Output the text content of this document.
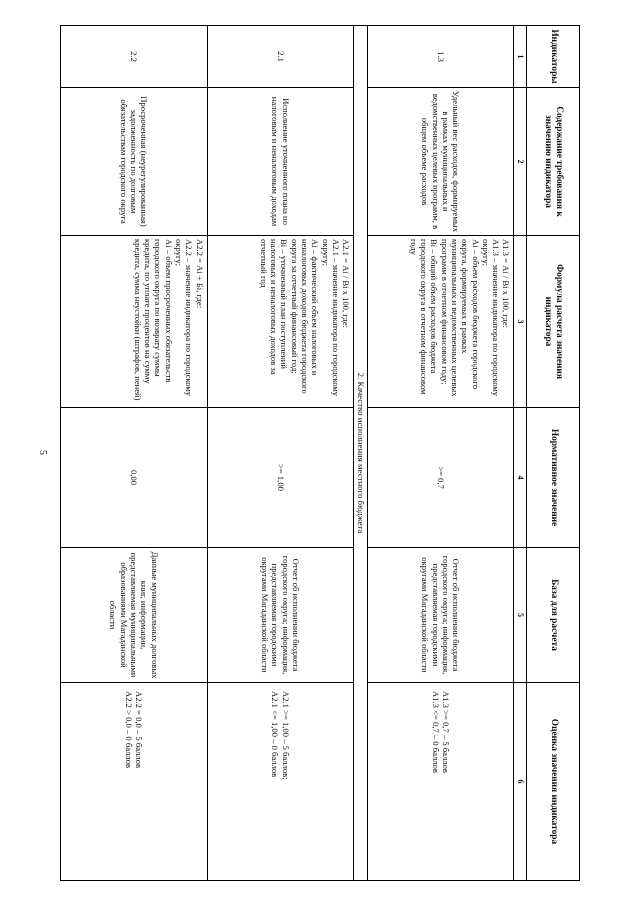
5
Индикаторы	Содержание требования к значению индикатора	Формула расчета значения индикатора	Нормативное значение	База для расчета	Оценка значения индикатора
1	2	3	4	5	6
1.3	Удельный вес расходов, формируемых в рамках муниципальных и ведомственных целевых программ, в общем объеме расходов	А1.3 = Аi / Вi х 100, где:
А1.3 – значение индикатора по городскому округу;
Аi – объем расходов бюджета городского округа, формируемых в рамках муниципальных и ведомственных целевых программ в отчетном финансовом году;
Вi – общий объем расходов бюджета городского округа в отчетном финансовом году	>= 0,7	Отчет об исполнении бюджета городского округа; информация, представляемая городскими округами Магаданской области	А1.3 >= 0,7 – 5 баллов
А1.3 <= 0,7 – 0 баллов

2. Качество исполнения местного бюджета					
2.1	Исполнение уточненного плана по налоговым и неналоговым доходам	А2.1 = Аi / Вi х 100, где:
А2.1 – значение индикатора по городскому округу;
Аi – фактический объем налоговых и неналоговых доходов бюджета городского округа за отчетный финансовый год;
Вi – уточненный план поступлений налоговых и неналоговых доходов за отчетный год	>= 1,00	Отчет об исполнении бюджета городского округа; информация, представляемая городскими округами Магаданской области	А2.1 >= 1,00 – 5 баллов;
А2.1 <= 1,00 – 0 баллов

2.2	Просроченная (неурегулированная) задолженность по долговым обязательствам городского округа	А2.2 = Аi + Бi, где:
А2.2 – значение индикатора по городскому округу;
Аi – объем просроченных обязательств городского округа по возврату суммы кредита, по уплате процентов на сумму кредита, сумма неустойки (штрафов, пеней)	0,00	Данные муниципальных долговых книг, информации, представляемая муниципальными образованиями Магаданской области	А2.2 = 0,0 – 5 баллов
А2.2 > 0,0 – 0 баллов
